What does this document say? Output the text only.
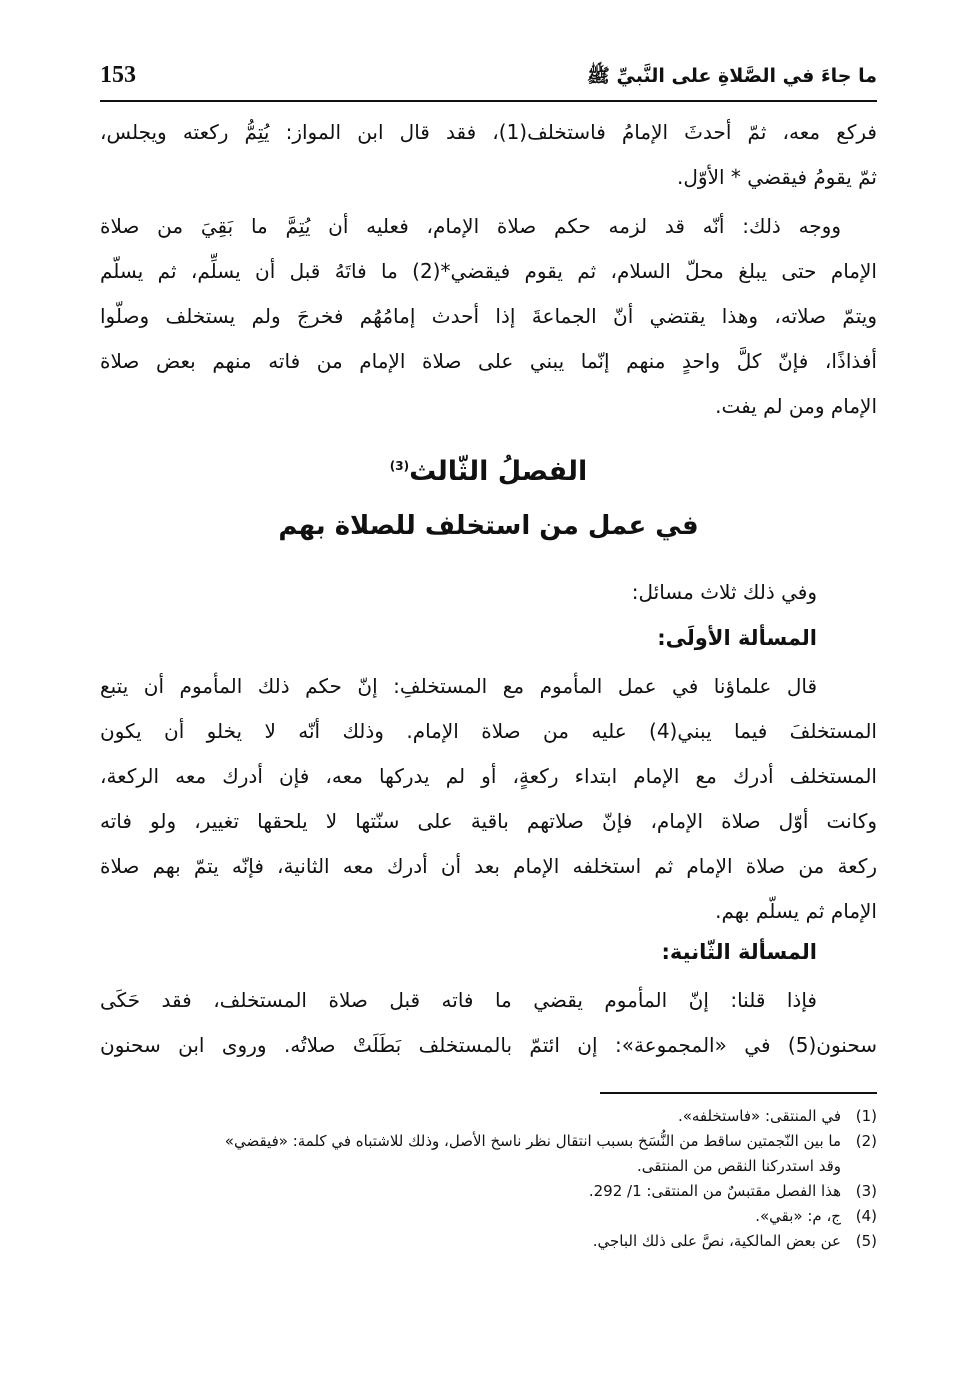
153	ما جاءَ في الصَّلاةِ على النَّبيِّ ﷺ
فركع معه، ثمّ أحدثَ الإمامُ فاستخلف(1)، فقد قال ابن المواز: يُتِمُّ ركعته ويجلس،
ثمّ يقومُ فيقضي * الأوّل.
ووجه ذلك: أنّه قد لزمه حكم صلاة الإمام، فعليه أن يُتِمَّ ما بَقِيَ من صلاة
الإمام حتى يبلغ محلّ السلام، ثم يقوم فيقضي*(2) ما فاتَهُ قبل أن يسلِّم، ثم يسلّم
ويتمّ صلاته، وهذا يقتضي أنّ الجماعةَ إذا أحدث إمامُهُم فخرجَ ولم يستخلف وصلّوا
أفذاذًا، فإنّ كلَّ واحدٍ منهم إنّما يبني على صلاة الإمام من فاته منهم بعض صلاة
الإمام ومن لم يفت.
الفصلُ الثّالث$^{(3)}$
في عمل من استخلف للصلاة بهم
وفي ذلك ثلاث مسائل:
المسألة الأولَى:
قال علماؤنا في عمل المأموم مع المستخلفِ: إنّ حكم ذلك المأموم أن يتبع
المستخلفَ فيما يبني(4) عليه من صلاة الإمام. وذلك أنّه لا يخلو أن يكون
المستخلف أدرك مع الإمام ابتداء ركعةٍ، أو لم يدركها معه، فإن أدرك معه الركعة،
وكانت أوّل صلاة الإمام، فإنّ صلاتهم باقية على سنّتها لا يلحقها تغيير، ولو فاته
ركعة من صلاة الإمام ثم استخلفه الإمام بعد أن أدرك معه الثانية، فإنّه يتمّ بهم صلاة
الإمام ثم يسلّم بهم.
المسألة الثّانية:
فإذا قلنا: إنّ المأموم يقضي ما فاته قبل صلاة المستخلف، فقد حَكَى
سحنون(5) في «المجموعة»: إن ائتمّ بالمستخلف بَطَلَتْ صلاتُه. وروى ابن سحنون
(1)
في المنتقى: «فاستخلفه».
(2)
ما بين النّجمتين ساقط من النُّسَخ بسبب انتقال نظر ناسخ الأصل، وذلك للاشتباه في كلمة: «فيقضي»
وقد استدركنا النقص من المنتقى.
(3)
هذا الفصل مقتبسٌ من المنتقى: 1/ 292.
(4)
ج، م: «بقي».
(5)
عن بعض المالكية، نصَّ على ذلك الباجي.
